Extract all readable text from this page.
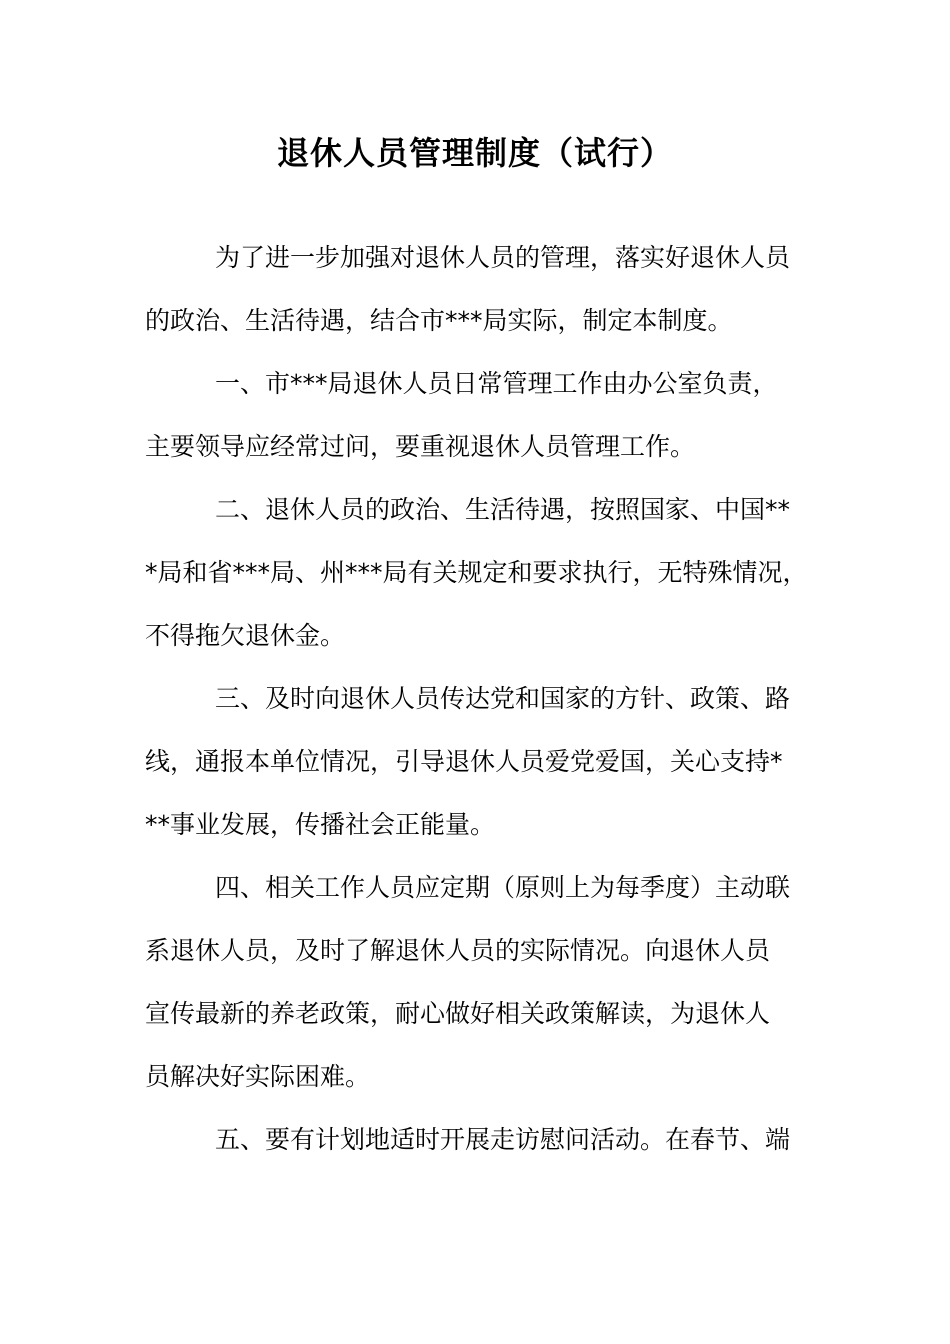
退休人员管理制度（试行）
为了进一步加强对退休人员的管理，落实好退休人员
的政治、生活待遇，结合市***局实际，制定本制度。
一、市***局退休人员日常管理工作由办公室负责，
主要领导应经常过问，要重视退休人员管理工作。
二、退休人员的政治、生活待遇，按照国家、中国**
*局和省***局、州***局有关规定和要求执行，无特殊情况，
不得拖欠退休金。
三、及时向退休人员传达党和国家的方针、政策、路
线，通报本单位情况，引导退休人员爱党爱国，关心支持*
**事业发展，传播社会正能量。
四、相关工作人员应定期（原则上为每季度）主动联
系退休人员，及时了解退休人员的实际情况。向退休人员
宣传最新的养老政策，耐心做好相关政策解读，为退休人
员解决好实际困难。
五、要有计划地适时开展走访慰问活动。在春节、端
